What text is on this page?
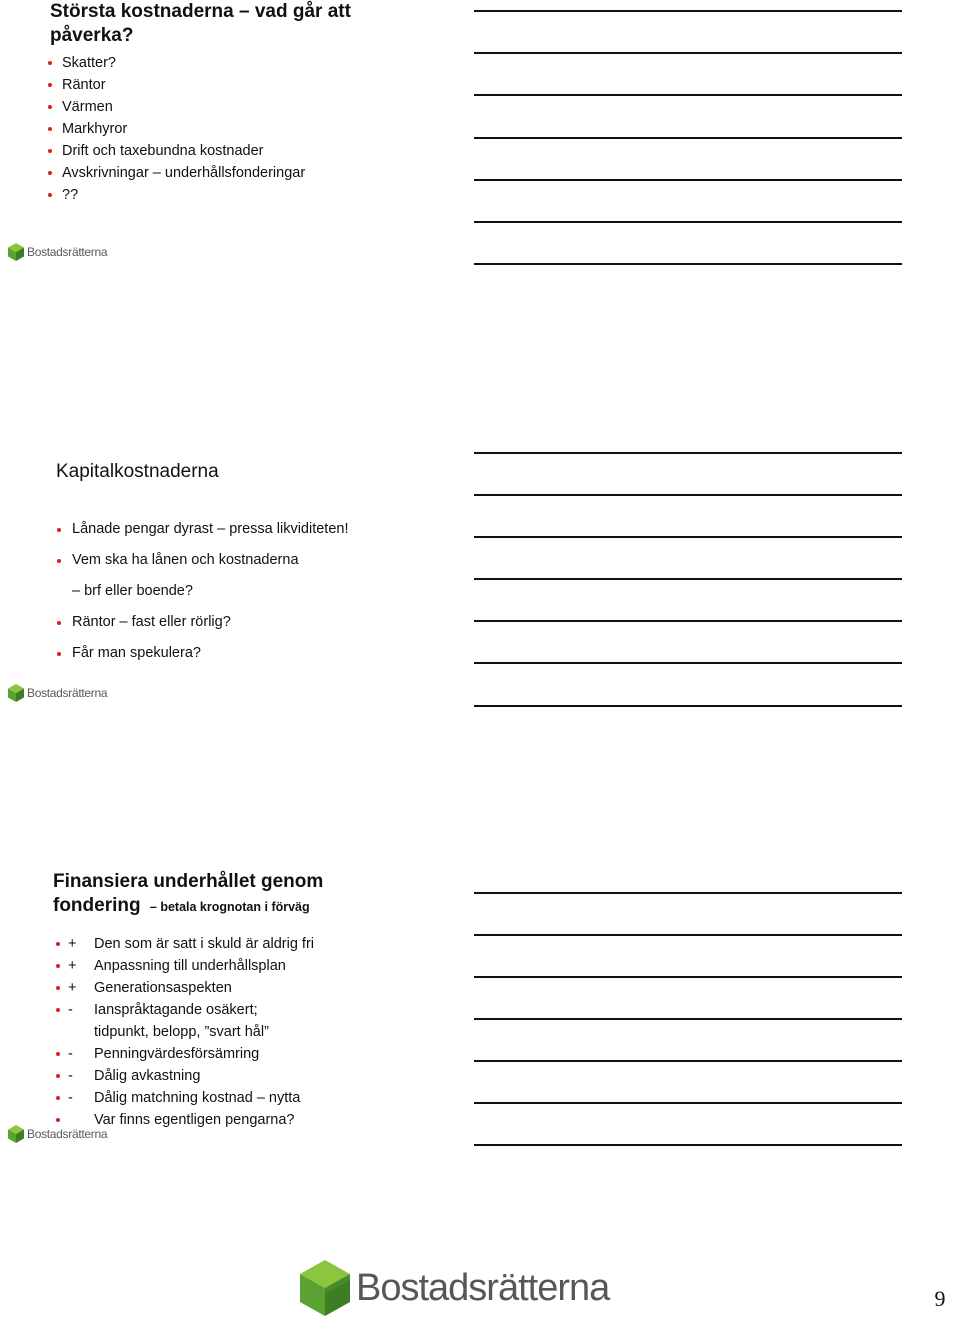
Största kostnaderna – vad går att
påverka?
Skatter?
Räntor
Värmen
Markhyror
Drift och taxebundna kostnader
Avskrivningar – underhållsfonderingar
??
Bostadsrätterna
Kapitalkostnaderna
Lånade pengar dyrast – pressa likviditeten!
Vem ska ha lånen och kostnaderna
– brf eller boende?
Räntor – fast eller rörlig?
Får man spekulera?
Bostadsrätterna
Finansiera underhållet genom
fondering – betala krognotan i förväg
+ Den som är satt i skuld är aldrig fri
+ Anpassning till underhållsplan
+ Generationsaspekten
- Ianspråktagande osäkert;
tidpunkt, belopp, ”svart hål”
- Penningvärdesförsämring
- Dålig avkastning
- Dålig matchning kostnad – nytta
Var finns egentligen pengarna?
Bostadsrätterna
Bostadsrätterna	9
